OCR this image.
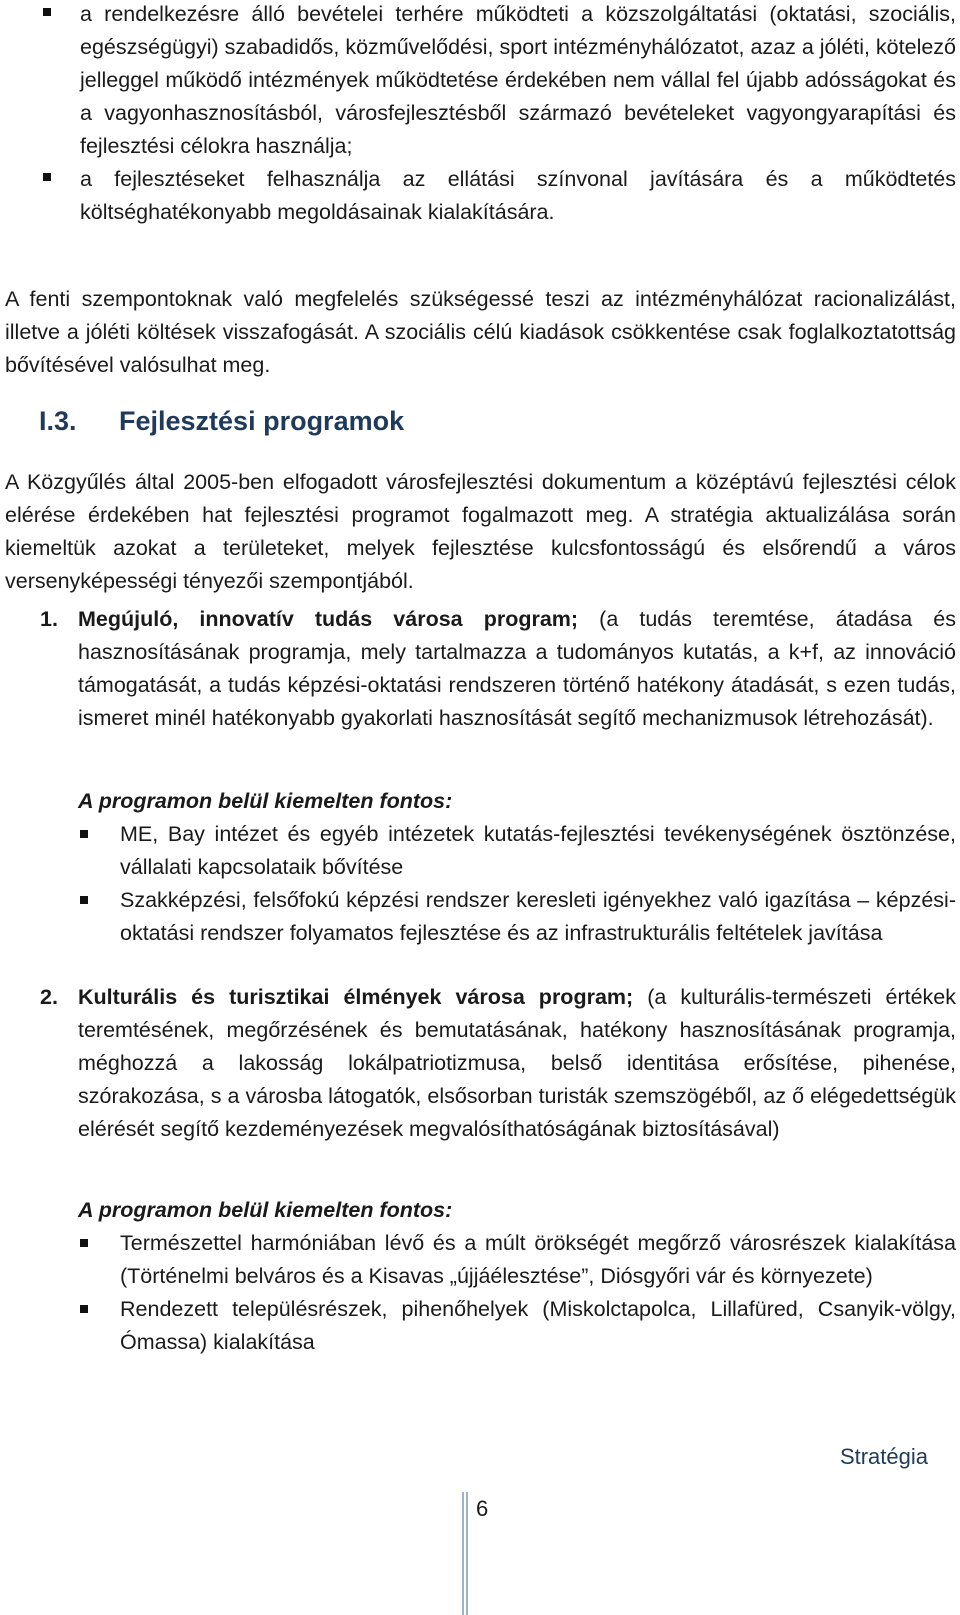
a rendelkezésre álló bevételei terhére működteti a közszolgáltatási (oktatási, szociális, egészségügyi) szabadidős, közművelődési, sport intézményhálózatot, azaz a jóléti, kötelező jelleggel működő intézmények működtetése érdekében nem vállal fel újabb adósságokat és a vagyonhasznosításból, városfejlesztésből származó bevételeket vagyongyarapítási és fejlesztési célokra használja;
a fejlesztéseket felhasználja az ellátási színvonal javítására és a működtetés költséghatékonyabb megoldásainak kialakítására.

A fenti szempontoknak való megfelelés szükségessé teszi az intézményhálózat racionalizálást, illetve a jóléti költések visszafogását. A szociális célú kiadások csökkentése csak foglalkoztatottság bővítésével valósulhat meg.

I.3. Fejlesztési programok

A Közgyűlés által 2005-ben elfogadott városfejlesztési dokumentum a középtávú fejlesztési célok elérése érdekében hat fejlesztési programot fogalmazott meg. A stratégia aktualizálása során kiemeltük azokat a területeket, melyek fejlesztése kulcsfontosságú és elsőrendű a város versenyképességi tényezői szempontjából.

1. Megújuló, innovatív tudás városa program; (a tudás teremtése, átadása és hasznosításának programja, mely tartalmazza a tudományos kutatás, a k+f, az innováció támogatását, a tudás képzési-oktatási rendszeren történő hatékony átadását, s ezen tudás, ismeret minél hatékonyabb gyakorlati hasznosítását segítő mechanizmusok létrehozását).

A programon belül kiemelten fontos:
ME, Bay intézet és egyéb intézetek kutatás-fejlesztési tevékenységének ösztönzése, vállalati kapcsolataik bővítése
Szakképzési, felsőfokú képzési rendszer keresleti igényekhez való igazítása – képzési-oktatási rendszer folyamatos fejlesztése és az infrastrukturális feltételek javítása
2. Kulturális és turisztikai élmények városa program; (a kulturális-természeti értékek teremtésének, megőrzésének és bemutatásának, hatékony hasznosításának programja, méghozzá a lakosság lokálpatriotizmusa, belső identitása erősítése, pihenése, szórakozása, s a városba látogatók, elsősorban turisták szemszögéből, az ő elégedettségük elérését segítő kezdeményezések megvalósíthatóságának biztosításával)

A programon belül kiemelten fontos:
Természettel harmóniában lévő és a múlt örökségét megőrző városrészek kialakítása (Történelmi belváros és a Kisavas „újjáélesztése”, Diósgyőri vár és környezete)
Rendezett településrészek, pihenőhelyek (Miskolctapolca, Lillafüred, Csanyik-völgy, Ómassa) kialakítása
Stratégia
6
